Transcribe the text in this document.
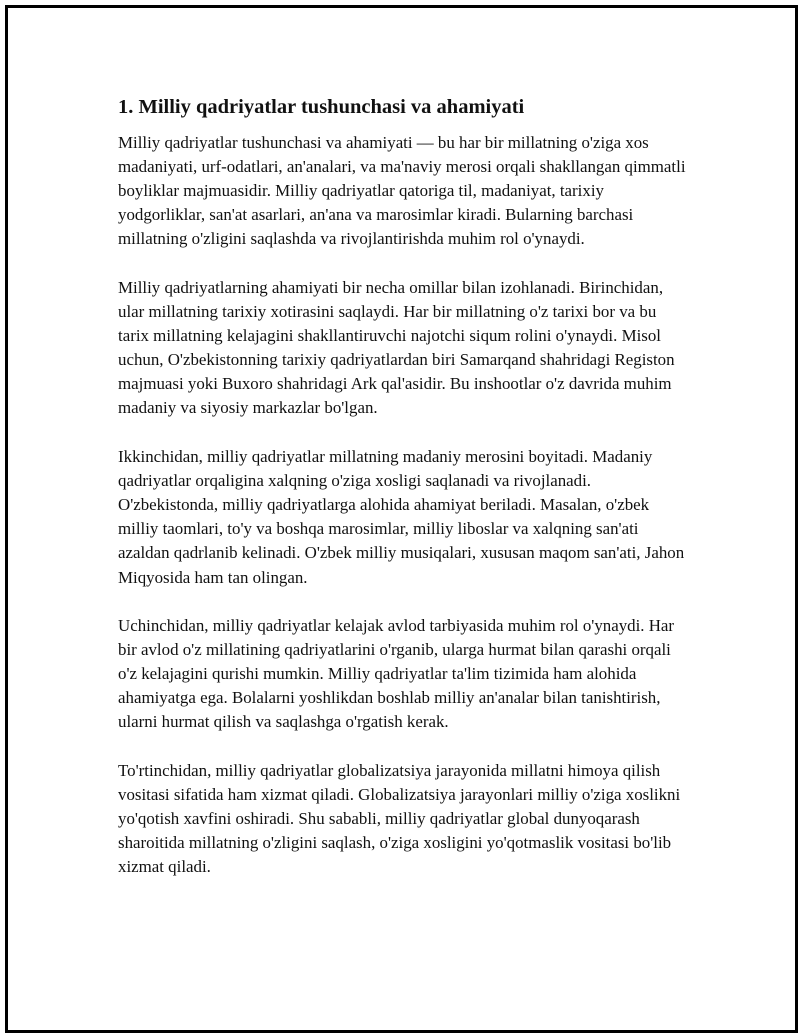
1. Milliy qadriyatlar tushunchasi va ahamiyati

Milliy qadriyatlar tushunchasi va ahamiyati — bu har bir millatning o'ziga xos madaniyati, urf-odatlari, an'analari, va ma'naviy merosi orqali shakllangan qimmatli boyliklar majmuasidir. Milliy qadriyatlar qatoriga til, madaniyat, tarixiy yodgorliklar, san'at asarlari, an'ana va marosimlar kiradi. Bularning barchasi millatning o'zligini saqlashda va rivojlantirishda muhim rol o'ynaydi.

Milliy qadriyatlarning ahamiyati bir necha omillar bilan izohlanadi. Birinchidan, ular millatning tarixiy xotirasini saqlaydi. Har bir millatning o'z tarixi bor va bu tarix millatning kelajagini shakllantiruvchi najotchi siqum rolini o'ynaydi. Misol uchun, O'zbekistonning tarixiy qadriyatlardan biri Samarqand shahridagi Registon majmuasi yoki Buxoro shahridagi Ark qal'asidir. Bu inshootlar o'z davrida muhim madaniy va siyosiy markazlar bo'lgan.

Ikkinchidan, milliy qadriyatlar millatning madaniy merosini boyitadi. Madaniy qadriyatlar orqaligina xalqning o'ziga xosligi saqlanadi va rivojlanadi. O'zbekistonda, milliy qadriyatlarga alohida ahamiyat beriladi. Masalan, o'zbek milliy taomlari, to'y va boshqa marosimlar, milliy liboslar va xalqning san'ati azaldan qadrlanib kelinadi. O'zbek milliy musiqalari, xususan maqom san'ati, Jahon Miqyosida ham tan olingan.

Uchinchidan, milliy qadriyatlar kelajak avlod tarbiyasida muhim rol o'ynaydi. Har bir avlod o'z millatining qadriyatlarini o'rganib, ularga hurmat bilan qarashi orqali o'z kelajagini qurishi mumkin. Milliy qadriyatlar ta'lim tizimida ham alohida ahamiyatga ega. Bolalarni yoshlikdan boshlab milliy an'analar bilan tanishtirish, ularni hurmat qilish va saqlashga o'rgatish kerak.

To'rtinchidan, milliy qadriyatlar globalizatsiya jarayonida millatni himoya qilish vositasi sifatida ham xizmat qiladi. Globalizatsiya jarayonlari milliy o'ziga xoslikni yo'qotish xavfini oshiradi. Shu sababli, milliy qadriyatlar global dunyoqarash sharoitida millatning o'zligini saqlash, o'ziga xosligini yo'qotmaslik vositasi bo'lib xizmat qiladi.
